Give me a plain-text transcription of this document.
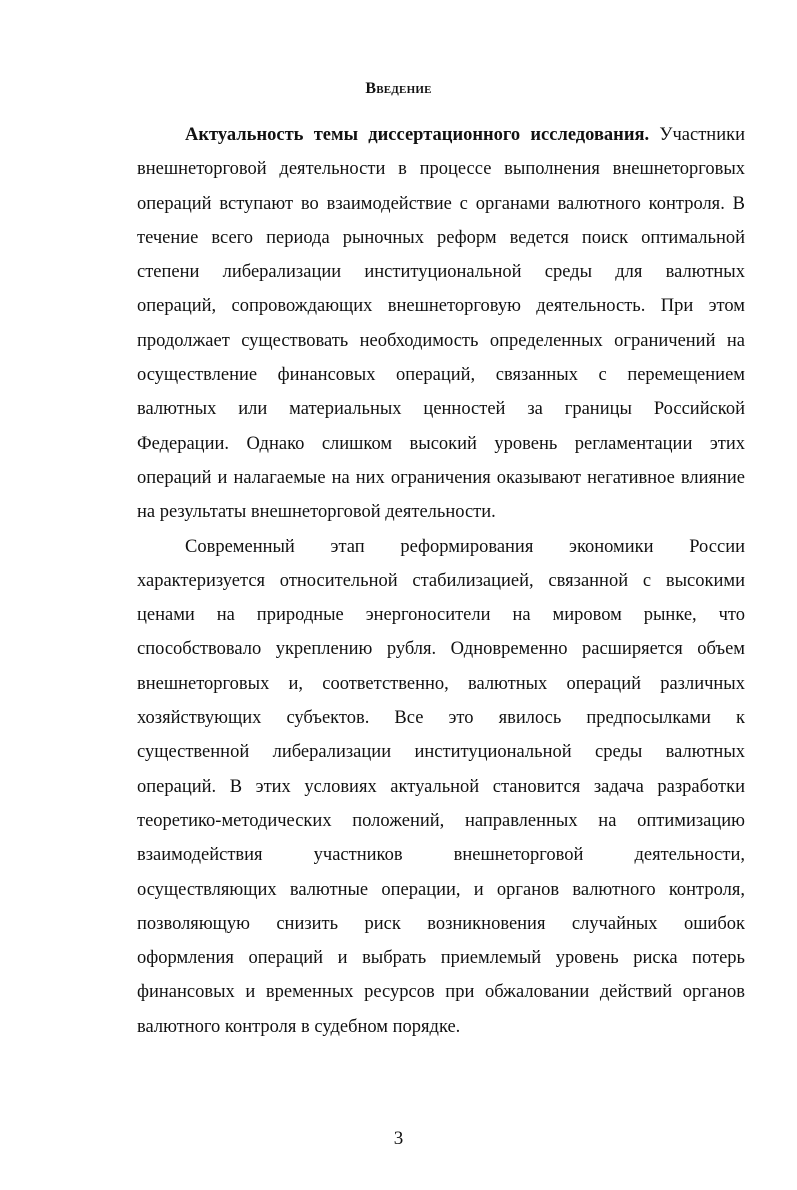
Введение
Актуальность темы диссертационного исследования. Участники
внешнеторговой деятельности в процессе выполнения внешнеторговых
операций вступают во взаимодействие с органами валютного контроля. В
течение всего периода рыночных реформ ведется поиск оптимальной
степени либерализации институциональной среды для валютных
операций, сопровождающих внешнеторговую деятельность. При этом
продолжает существовать необходимость определенных ограничений на
осуществление финансовых операций, связанных с перемещением
валютных или материальных ценностей за границы Российской
Федерации. Однако слишком высокий уровень регламентации этих
операций и налагаемые на них ограничения оказывают негативное влияние
на результаты внешнеторговой деятельности.
Современный этап реформирования экономики России
характеризуется относительной стабилизацией, связанной с высокими
ценами на природные энергоносители на мировом рынке, что
способствовало укреплению рубля. Одновременно расширяется объем
внешнеторговых и, соответственно, валютных операций различных
хозяйствующих субъектов. Все это явилось предпосылками к
существенной либерализации институциональной среды валютных
операций. В этих условиях актуальной становится задача разработки
теоретико-методических положений, направленных на оптимизацию
взаимодействия участников внешнеторговой деятельности,
осуществляющих валютные операции, и органов валютного контроля,
позволяющую снизить риск возникновения случайных ошибок
оформления операций и выбрать приемлемый уровень риска потерь
финансовых и временных ресурсов при обжаловании действий органов
валютного контроля в судебном порядке.
3
